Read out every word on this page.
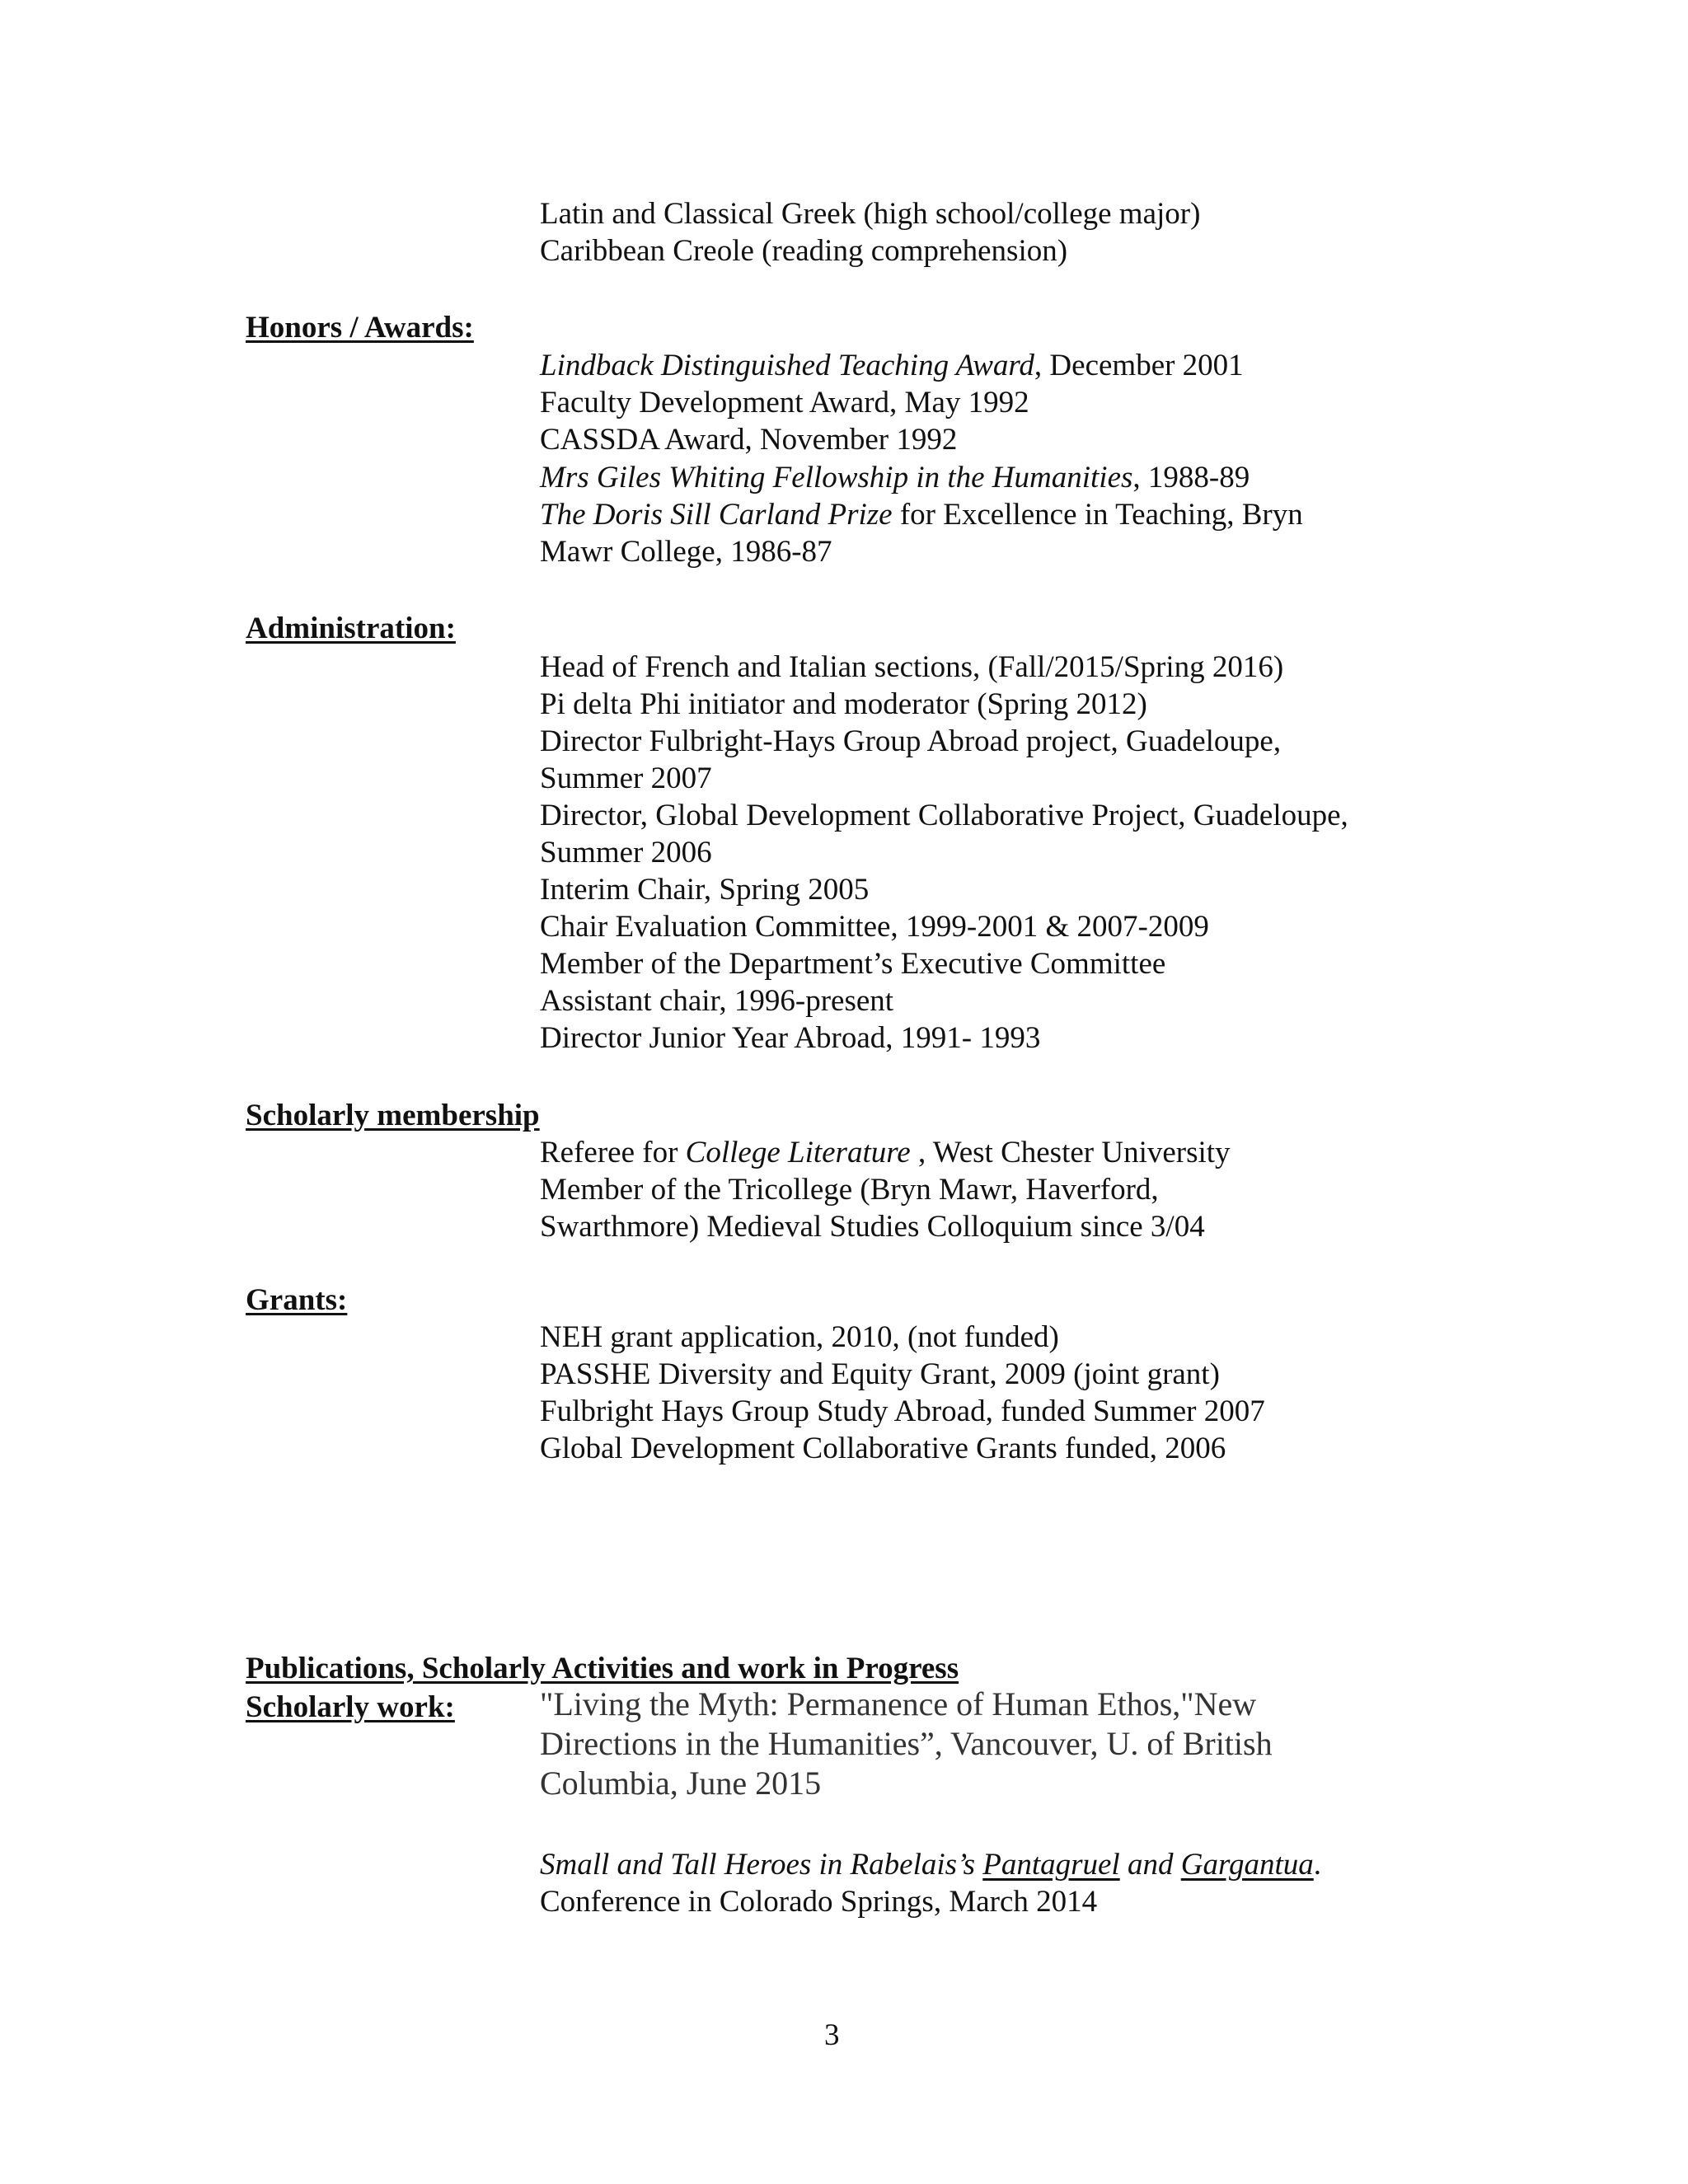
Latin and Classical Greek (high school/college major)
Caribbean Creole (reading comprehension)
Honors / Awards:
Lindback Distinguished Teaching Award, December 2001
Faculty Development Award, May 1992
CASSDA Award, November 1992
Mrs Giles Whiting Fellowship in the Humanities, 1988-89
The Doris Sill Carland Prize for Excellence in Teaching, Bryn
Mawr College, 1986-87
Administration:
Head of French and Italian sections, (Fall/2015/Spring 2016)
Pi delta Phi initiator and moderator (Spring 2012)
Director Fulbright-Hays Group Abroad project, Guadeloupe,
Summer 2007
Director, Global Development Collaborative Project, Guadeloupe,
Summer 2006
Interim Chair, Spring 2005
Chair Evaluation Committee, 1999-2001 & 2007-2009
Member of the Department’s Executive Committee
Assistant chair, 1996-present
Director Junior Year Abroad, 1991- 1993
Scholarly membership
Referee for College Literature , West Chester University
Member of the Tricollege (Bryn Mawr, Haverford,
Swarthmore) Medieval Studies Colloquium since 3/04
Grants:
NEH grant application, 2010, (not funded)
PASSHE Diversity and Equity Grant, 2009 (joint grant)
Fulbright Hays Group Study Abroad, funded Summer 2007
Global Development Collaborative Grants funded, 2006
Publications, Scholarly Activities and work in Progress
Scholarly work:	"Living the Myth: Permanence of Human Ethos,"New
Directions in the Humanities”, Vancouver, U. of British
Columbia, June 2015
Small and Tall Heroes in Rabelais’s Pantagruel and Gargantua.
Conference in Colorado Springs, March 2014
3
